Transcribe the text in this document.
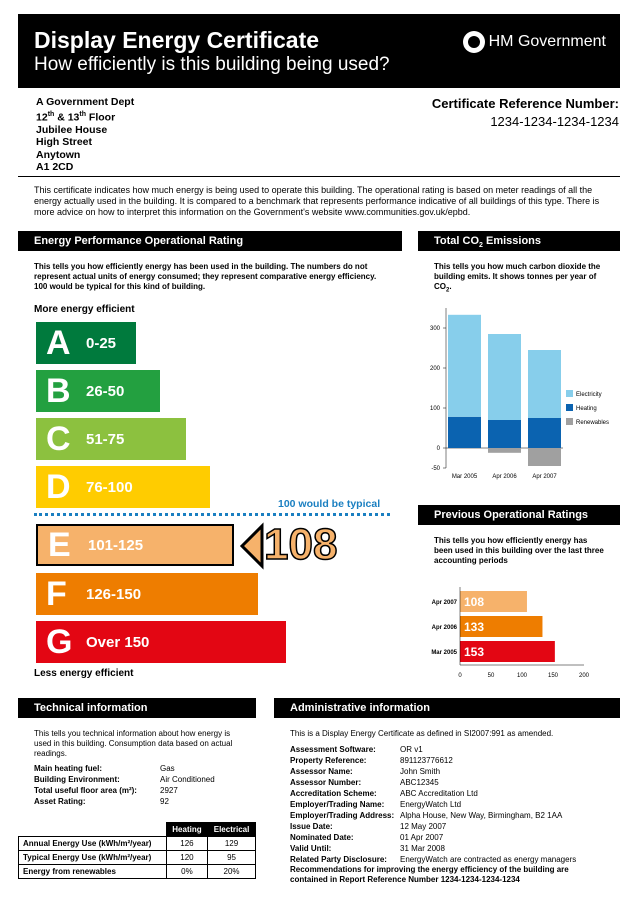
Display Energy Certificate
How efficiently is this building being used?
HM Government
A Government Dept
12th & 13th Floor
Jubilee House
High Street
Anytown
A1 2CD
Certificate Reference Number:
1234-1234-1234-1234
This certificate indicates how much energy is being used to operate this building. The operational rating is based on meter readings of all the energy actually used in the building. It is compared to a benchmark that represents performance indicative of all buildings of this type. There is more advice on how to interpret this information on the Government's website www.communities.gov.uk/epbd.
Energy Performance Operational Rating
This tells you how efficiently energy has been used in the building. The numbers do not represent actual units of energy consumed; they represent comparative energy efficiency. 100 would be typical for this kind of building.
More energy efficient
A	0-25
B	26-50
C	51-75
D	76-100
100 would be typical
E	101-125	108
F	126-150
G Over 150
Less energy efficient
Total $CO_2$ Emissions
This tells you how much carbon dioxide the building emits. It shows tonnes per year of $CO_2$.
300
200
100
0
-50
Mar 2005	Apr 2006	Apr 2007
Electricity
Heating
Renewables
Previous Operational Ratings
This tells you how efficiently energy has been used in this building over the last three accounting periods
Apr 2007 108
Apr 2006 133
Mar 2005 153
0	50	100	150	200
Technical information
This tells you technical information about how energy is used in this building. Consumption data based on actual readings.
Main heating fuel:	Gas
Building Environment:	Air Conditioned
Total useful floor area (m²):	2927
Asset Rating:	92
	Heating	Electrical
Annual Energy Use (kWh/m²/year)	126	129
Typical Energy Use (kWh/m²/year)	120	95
Energy from renewables	0%	20%
Administrative information
This is a Display Energy Certificate as defined in SI2007:991 as amended.
Assessment Software:	OR v1
Property Reference:	891123776612
Assessor Name:	John Smith
Assessor Number:	ABC12345
Accreditation Scheme:	ABC Accreditation Ltd
Employer/Trading Name:	EnergyWatch Ltd
Employer/Trading Address: Alpha House, New Way, Birmingham, B2 1AA
Issue Date:	12 May 2007
Nominated Date:	01 Apr 2007
Valid Until:	31 Mar 2008
Related Party Disclosure:	EnergyWatch are contracted as energy managers
Recommendations for improving the energy efficiency of the building are contained in Report Reference Number 1234-1234-1234-1234
